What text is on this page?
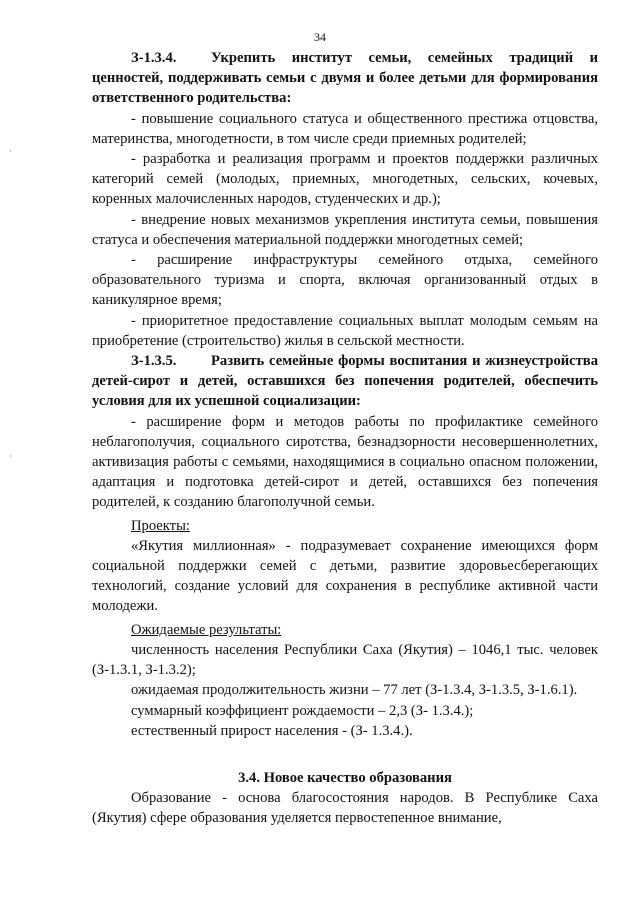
34

З-1.3.4. Укрепить институт семьи, семейных традиций и ценностей, поддерживать семьи с двумя и более детьми для формирования ответственного родительства:

- повышение социального статуса и общественного престижа отцовства, материнства, многодетности, в том числе среди приемных родителей;

- разработка и реализация программ и проектов поддержки различных категорий семей (молодых, приемных, многодетных, сельских, кочевых, коренных малочисленных народов, студенческих и др.);

- внедрение новых механизмов укрепления института семьи, повышения статуса и обеспечения материальной поддержки многодетных семей;

- расширение инфраструктуры семейного отдыха, семейного образовательного туризма и спорта, включая организованный отдых в каникулярное время;

- приоритетное предоставление социальных выплат молодым семьям на приобретение (строительство) жилья в сельской местности.

З-1.3.5. Развить семейные формы воспитания и жизнеустройства детей-сирот и детей, оставшихся без попечения родителей, обеспечить условия для их успешной социализации:

- расширение форм и методов работы по профилактике семейного неблагополучия, социального сиротства, безнадзорности несовершеннолетних, активизация работы с семьями, находящимися в социально опасном положении, адаптация и подготовка детей-сирот и детей, оставшихся без попечения родителей, к созданию благополучной семьи.

Проекты:

«Якутия миллионная» - подразумевает сохранение имеющихся форм социальной поддержки семей с детьми, развитие здоровьесберегающих технологий, создание условий для сохранения в республике активной части молодежи.

Ожидаемые результаты:

численность населения Республики Саха (Якутия) – 1046,1 тыс. человек (З-1.3.1, З-1.3.2);

ожидаемая продолжительность жизни – 77 лет (З-1.3.4, З-1.3.5, З-1.6.1).

суммарный коэффициент рождаемости – 2,3 (З- 1.3.4.);

естественный прирост населения - (З- 1.3.4.).

3.4. Новое качество образования

Образование - основа благосостояния народов. В Республике Саха (Якутия) сфере образования уделяется первостепенное внимание,
